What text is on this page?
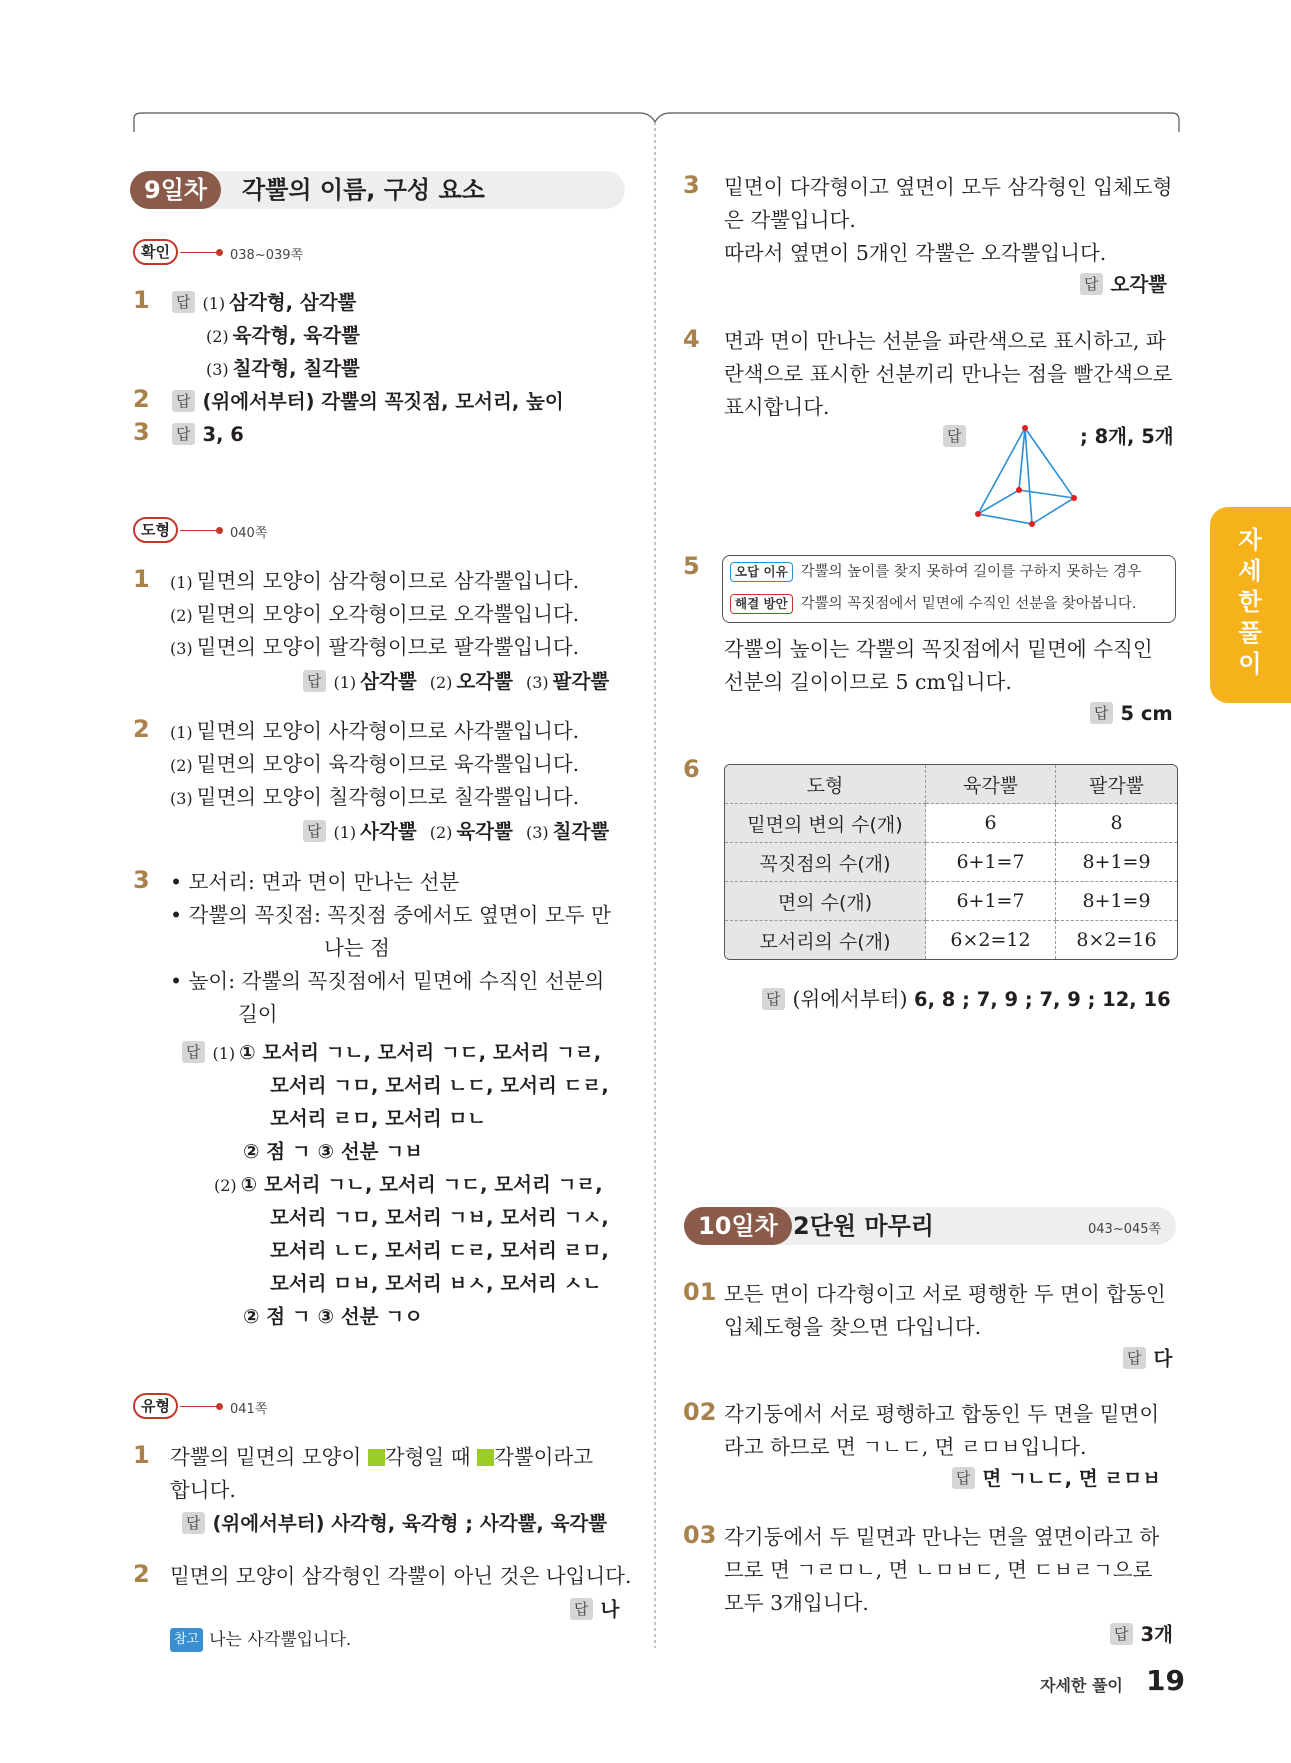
9일차	각뿔의 이름, 구성 요소
확인	038~039쪽
1 답 (1) 삼각형, 삼각뿔
(2) 육각형, 육각뿔
(3) 칠각형, 칠각뿔
2 답 (위에서부터) 각뿔의 꼭짓점, 모서리, 높이
3 답 3, 6
도형	040쪽
1 (1) 밑면의 모양이 삼각형이므로 삼각뿔입니다.
(2) 밑면의 모양이 오각형이므로 오각뿔입니다.
(3) 밑면의 모양이 팔각형이므로 팔각뿔입니다.
답 (1) 삼각뿔 (2) 오각뿔 (3) 팔각뿔
2 (1) 밑면의 모양이 사각형이므로 사각뿔입니다.
(2) 밑면의 모양이 육각형이므로 육각뿔입니다.
(3) 밑면의 모양이 칠각형이므로 칠각뿔입니다.
답 (1) 사각뿔 (2) 육각뿔 (3) 칠각뿔
3 • 모서리: 면과 면이 만나는 선분
• 각뿔의 꼭짓점: 꼭짓점 중에서도 옆면이 모두 만
나는 점
• 높이: 각뿔의 꼭짓점에서 밑면에 수직인 선분의
길이
답 (1) ① 모서리 ㄱㄴ, 모서리 ㄱㄷ, 모서리 ㄱㄹ,
모서리 ㄱㅁ, 모서리 ㄴㄷ, 모서리 ㄷㄹ,
모서리 ㄹㅁ, 모서리 ㅁㄴ
② 점 ㄱ ③ 선분 ㄱㅂ
(2) ① 모서리 ㄱㄴ, 모서리 ㄱㄷ, 모서리 ㄱㄹ,
모서리 ㄱㅁ, 모서리 ㄱㅂ, 모서리 ㄱㅅ,
모서리 ㄴㄷ, 모서리 ㄷㄹ, 모서리 ㄹㅁ,
모서리 ㅁㅂ, 모서리 ㅂㅅ, 모서리 ㅅㄴ
② 점 ㄱ ③ 선분 ㄱㅇ
유형	041쪽
1 각뿔의 밑면의 모양이 각형일 때 각뿔이라고
합니다.
답 (위에서부터) 사각형, 육각형 ; 사각뿔, 육각뿔
2 밑면의 모양이 삼각형인 각뿔이 아닌 것은 나입니다.
답 나
참고 나는 사각뿔입니다.
3 밑면이 다각형이고 옆면이 모두 삼각형인 입체도형
은 각뿔입니다.
따라서 옆면이 5개인 각뿔은 오각뿔입니다.
답 오각뿔
4 면과 면이 만나는 선분을 파란색으로 표시하고, 파
란색으로 표시한 선분끼리 만나는 점을 빨간색으로
표시합니다.
답	; 8개, 5개
5	오답 이유 각뿔의 높이를 찾지 못하여 길이를 구하지 못하는 경우
해결 방안 각뿔의 꼭짓점에서 밑면에 수직인 선분을 찾아봅니다.
각뿔의 높이는 각뿔의 꼭짓점에서 밑면에 수직인
선분의 길이이므로 5 cm입니다.
답 5 cm
6
도형	육각뿔	팔각뿔
밑면의 변의 수(개)	6	8
꼭짓점의 수(개)	6+1=7	8+1=9
면의 수(개)	6+1=7	8+1=9
모서리의 수(개)	6×2=12	8×2=16
답 (위에서부터) 6, 8 ; 7, 9 ; 7, 9 ; 12, 16
10일차 2단원 마무리	043~045쪽
01 모든 면이 다각형이고 서로 평행한 두 면이 합동인
입체도형을 찾으면 다입니다.
답 다
02 각기둥에서 서로 평행하고 합동인 두 면을 밑면이
라고 하므로 면 ㄱㄴㄷ, 면 ㄹㅁㅂ입니다.
답 면 ㄱㄴㄷ, 면 ㄹㅁㅂ
03 각기둥에서 두 밑면과 만나는 면을 옆면이라고 하
므로 면 ㄱㄹㅁㄴ, 면 ㄴㅁㅂㄷ, 면 ㄷㅂㄹㄱ으로
모두 3개입니다.
답 3개
자
세
한
풀
이
자세한 풀이 19
